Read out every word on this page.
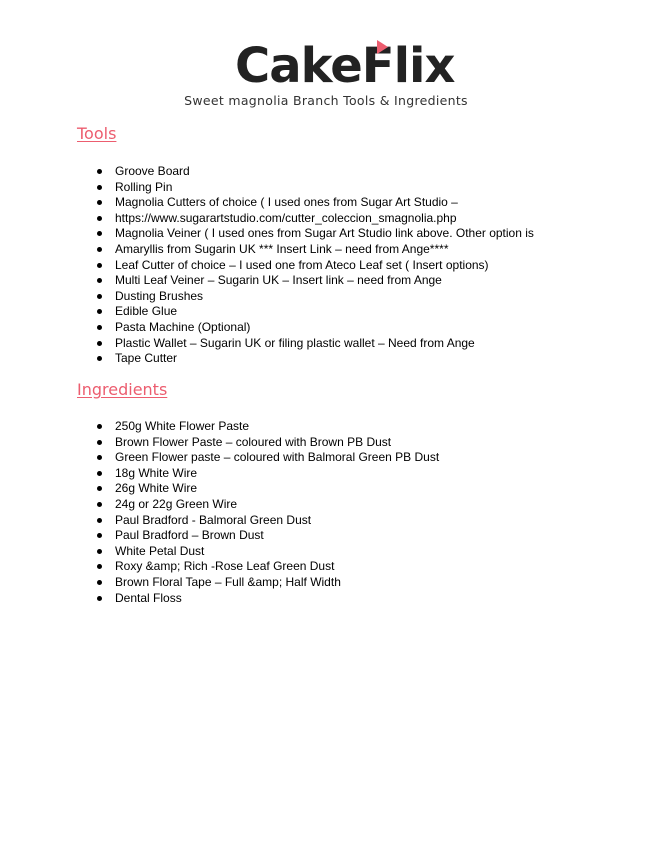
CakeFlix
Sweet magnolia Branch Tools & Ingredients
Tools
Groove Board
Rolling Pin
Magnolia Cutters of choice ( I used ones from Sugar Art Studio –
https://www.sugarartstudio.com/cutter_coleccion_smagnolia.php
Magnolia Veiner ( I used ones from Sugar Art Studio link above. Other option is
Amaryllis from Sugarin UK *** Insert Link – need from Ange****
Leaf Cutter of choice – I used one from Ateco Leaf set ( Insert options)
Multi Leaf Veiner – Sugarin UK – Insert link – need from Ange
Dusting Brushes
Edible Glue
Pasta Machine (Optional)
Plastic Wallet – Sugarin UK or filing plastic wallet – Need from Ange
Tape Cutter
Ingredients
250g White Flower Paste
Brown Flower Paste – coloured with Brown PB Dust
Green Flower paste – coloured with Balmoral Green PB Dust
18g White Wire
26g White Wire
24g or 22g Green Wire
Paul Bradford - Balmoral Green Dust
Paul Bradford – Brown Dust
White Petal Dust
Roxy &amp; Rich -Rose Leaf Green Dust
Brown Floral Tape – Full &amp; Half Width
Dental Floss
